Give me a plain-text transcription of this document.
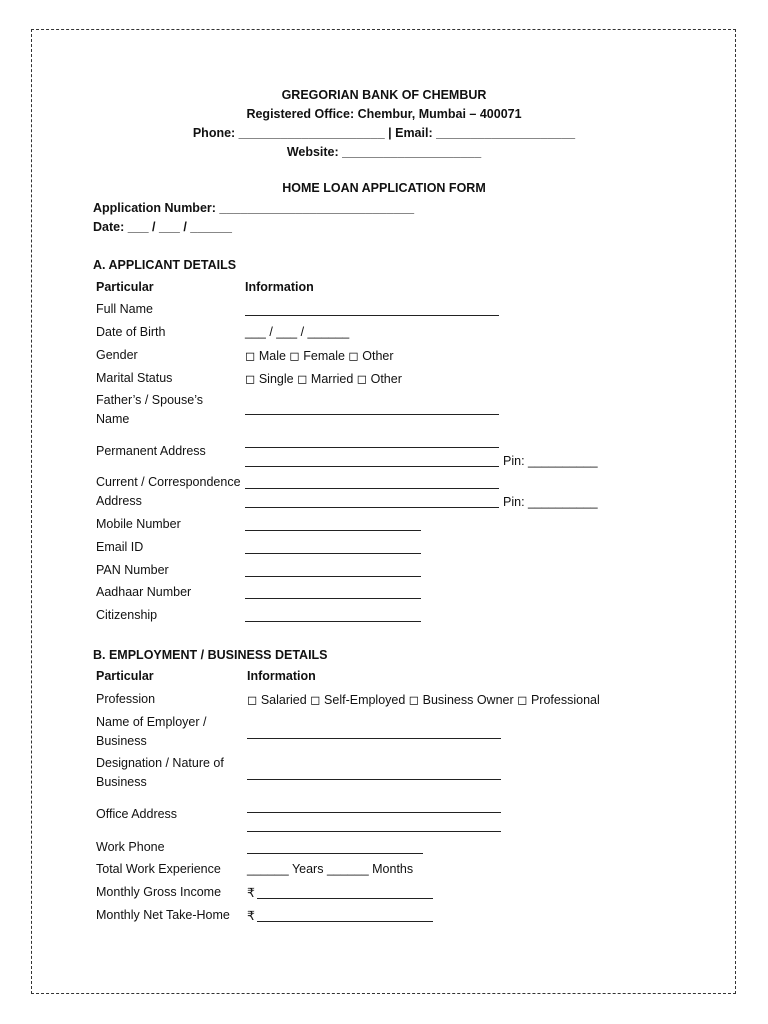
GREGORIAN BANK OF CHEMBUR
Registered Office: Chembur, Mumbai – 400071
Phone: _____________________ | Email: ____________________
Website: ____________________
HOME LOAN APPLICATION FORM
Application Number: ____________________________
Date: ___ / ___ / ______
A. APPLICANT DETAILS
Particular	Information
Full Name
Date of Birth	___ / ___ / ______
Gender	◻ Male ◻ Female ◻ Other
Marital Status	◻ Single ◻ Married ◻ Other
Father’s / Spouse’s Name
Permanent Address
Pin: __________
Current / Correspondence Address	Pin: __________
Mobile Number
Email ID
PAN Number
Aadhaar Number
Citizenship
B. EMPLOYMENT / BUSINESS DETAILS
Particular	Information
Profession	◻ Salaried ◻ Self-Employed ◻ Business Owner ◻ Professional
Name of Employer / Business
Designation / Nature of Business
Office Address
Work Phone
Total Work Experience	______ Years ______ Months
Monthly Gross Income	₹
Monthly Net Take-Home	₹
